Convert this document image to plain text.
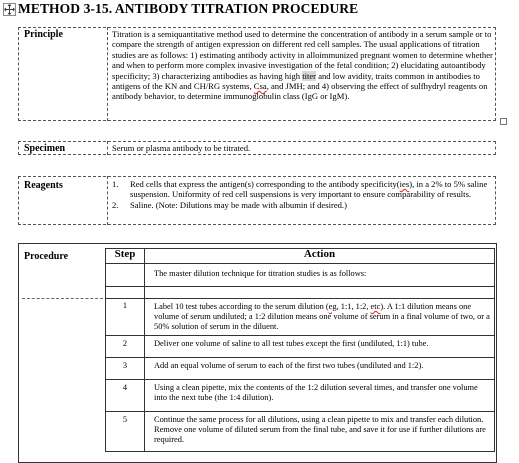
METHOD 3-15. ANTIBODY TITRATION PROCEDURE
Principle	Titration is a semiquantitative method used to determine the concentration of antibody in a serum sample or to compare the strength of antigen expression on different red cell samples. The usual applications of titration studies are as follows: 1) estimating antibody activity in alloimmunized pregnant women to determine whether and when to perform more complex invasive investigation of the fetal condition; 2) elucidating autoantibody specificity; 3) characterizing antibodies as having high titer and low avidity, traits common in antibodies to antigens of the KN and CH/RG systems, Csa, and JMH; and 4) observing the effect of sulfhydryl reagents on antibody behavior, to determine immunoglobulin class (IgG or IgM).
Specimen	Serum or plasma antibody to be titrated.
Reagents	1. Red cells that express the antigen(s) corresponding to the antibody specificity(ies), in a 2% to 5% saline suspension. Uniformity of red cell suspensions is very important to ensure comparability of results.
2. Saline. (Note: Dilutions may be made with albumin if desired.)
Procedure	Step	Action
	The master dilution technique for titration studies is as follows:

1	Label 10 test tubes according to the serum dilution (eg, 1:1, 1:2, etc). A 1:1 dilution means one volume of serum undiluted; a 1:2 dilution means one volume of serum in a final volume of two, or a 50% solution of serum in the diluent.
2	Deliver one volume of saline to all test tubes except the first (undiluted, 1:1) tube.
3	Add an equal volume of serum to each of the first two tubes (undiluted and 1:2).
4	Using a clean pipette, mix the contents of the 1:2 dilution several times, and transfer one volume into the next tube (the 1:4 dilution).
5	Continue the same process for all dilutions, using a clean pipette to mix and transfer each dilution. Remove one volume of diluted serum from the final tube, and save it for use if further dilutions are required.
